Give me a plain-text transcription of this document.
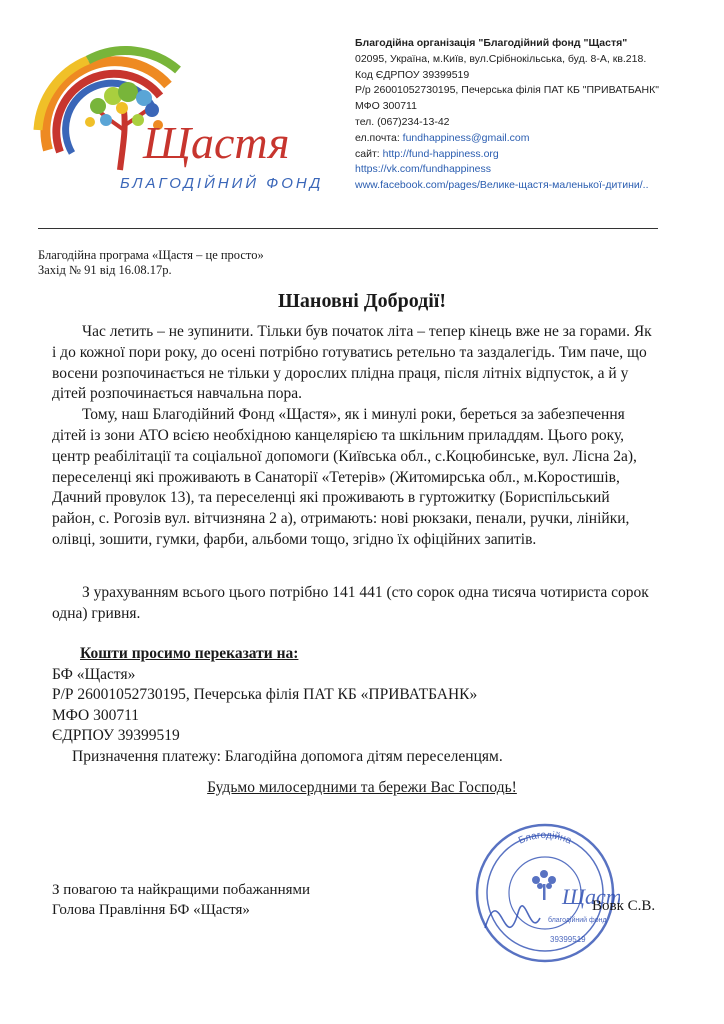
Щастя
БЛАГОДІЙНИЙ ФОНД
Благодійна організація "Благодійний фонд "Щастя"
02095, Україна, м.Київ, вул.Срібнокільська, буд. 8-А, кв.218.
Код ЄДРПОУ 39399519
Р/р 26001052730195, Печерська філія ПАТ КБ "ПРИВАТБАНК"
МФО 300711
тел. (067)234-13-42
ел.почта: fundhappiness@gmail.com
сайт: http://fund-happiness.org
https://vk.com/fundhappiness
www.facebook.com/pages/Велике-щастя-маленької-дитини/..
Благодійна програма «Щастя – це просто»
Захід № 91 від 16.08.17р.
Шановні Добродії!

Час летить – не зупинити. Тільки був початок літа – тепер кінець вже не за горами. Як і до кожної пори року, до осені потрібно готуватись ретельно та заздалегідь. Тим паче, що восени розпочинається не тільки у дорослих плідна праця, після літніх відпусток, а й у дітей розпочинається навчальна пора.

Тому, наш Благодійний Фонд «Щастя», як і минулі роки, береться за забезпечення дітей із зони АТО всією необхідною канцелярією та шкільним приладдям. Цього року, центр реабілітації та соціальної допомоги (Київська обл., с.Коцюбинське, вул. Лісна 2а), переселенці які проживають в Санаторії «Тетерів» (Житомирська обл., м.Коростишів, Дачний провулок 13), та переселенці які проживають в гуртожитку (Бориспільський район, с. Рогозів вул. вітчизняна 2 а), отримають: нові рюкзаки, пенали, ручки, лінійки, олівці, зошити, гумки, фарби, альбоми тощо, згідно їх офіційних запитів.

З урахуванням всього цього потрібно 141 441 (сто сорок одна тисяча чотириста сорок одна) гривня.

Кошти просимо переказати на:
БФ «Щастя»
Р/Р 26001052730195, Печерська філія ПАТ КБ «ПРИВАТБАНК»
МФО 300711
ЄДРПОУ 39399519
Призначення платежу: Благодійна допомога дітям переселенцям.
Будьмо милосердними та бережи Вас Господь!
Благодійна
Щас
благодійний фонд
39399519
З повагою та найкращими побажаннями
Голова Правління БФ «Щастя»	Вовк С.В.
